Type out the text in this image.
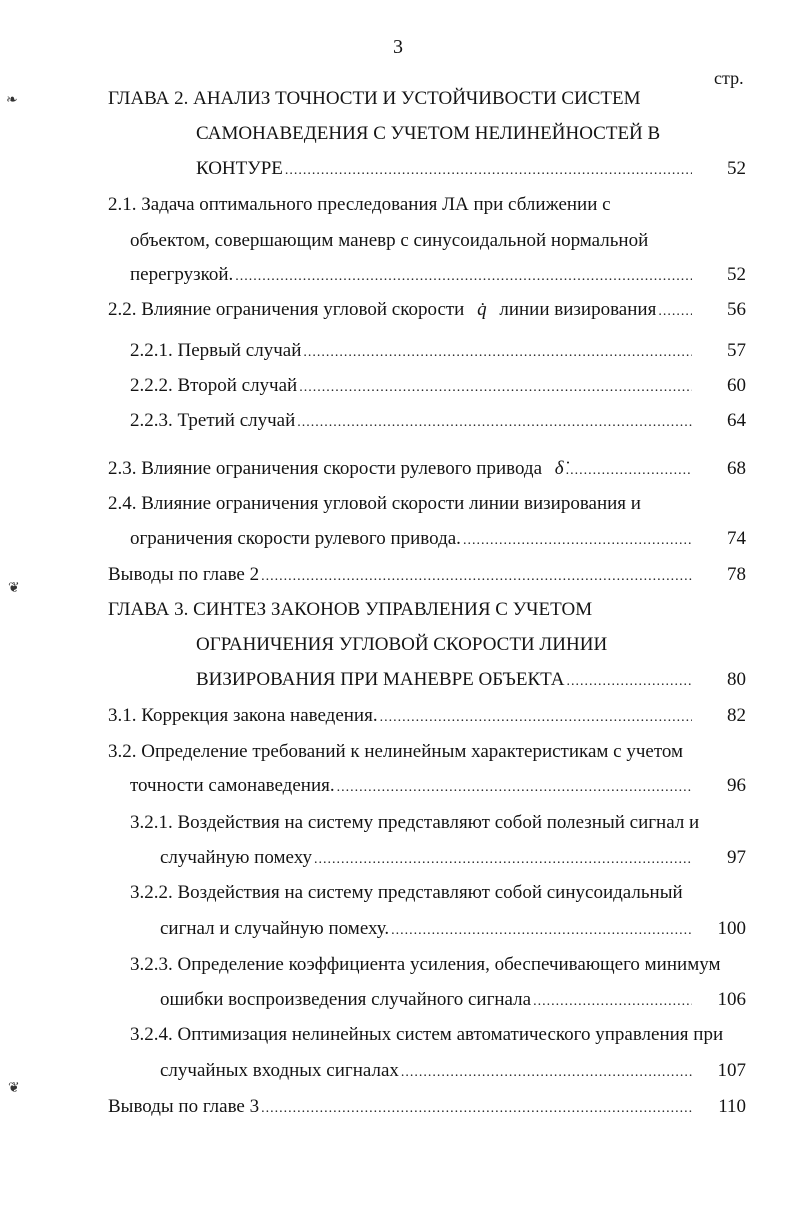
3
стр.
❧
❦
❦
ГЛАВА 2. АНАЛИЗ ТОЧНОСТИ И УСТОЙЧИВОСТИ СИСТЕМ
САМОНАВЕДЕНИЯ С УЧЕТОМ НЕЛИНЕЙНОСТЕЙ В
КОНТУРЕ .....	52
2.1. Задача оптимального преследования ЛА при сближении с
объектом, совершающим маневр с синусоидальной нормальной
перегрузкой. .....	52
2.2. Влияние ограничения угловой скорости q̇ линии визирования .....	56
2.2.1. Первый случай .....	57
2.2.2. Второй случай .....	60
2.2.3. Третий случай .....	64
2.3. Влияние ограничения скорости рулевого привода δ̇ .....	68
2.4. Влияние ограничения угловой скорости линии визирования и
ограничения скорости рулевого привода. .....	74
Выводы по главе 2 .....	78
ГЛАВА 3. СИНТЕЗ ЗАКОНОВ УПРАВЛЕНИЯ С УЧЕТОМ
ОГРАНИЧЕНИЯ УГЛОВОЙ СКОРОСТИ ЛИНИИ
ВИЗИРОВАНИЯ ПРИ МАНЕВРЕ ОБЪЕКТА .....	80
3.1. Коррекция закона наведения. .....	82
3.2. Определение требований к нелинейным характеристикам с учетом
точности самонаведения. .....	96
3.2.1. Воздействия на систему представляют собой полезный сигнал и
случайную помеху .....	97
3.2.2. Воздействия на систему представляют собой синусоидальный
сигнал и случайную помеху. .....	100
3.2.3. Определение коэффициента усиления, обеспечивающего минимум
ошибки воспроизведения случайного сигнала .....	106
3.2.4. Оптимизация нелинейных систем автоматического управления при
случайных входных сигналах .....	107
Выводы по главе 3 .....	110
